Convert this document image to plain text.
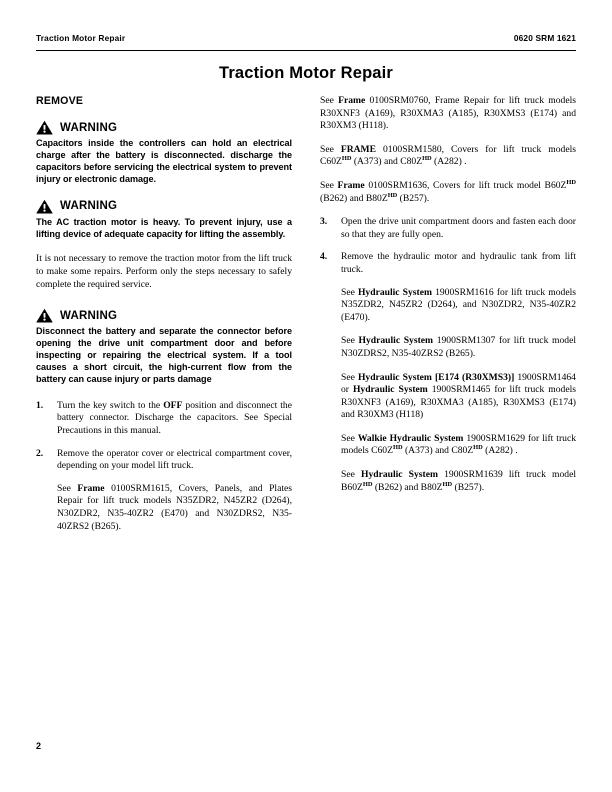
Traction Motor Repair	0620 SRM 1621
Traction Motor Repair
REMOVE
WARNING

Capacitors inside the controllers can hold an electrical charge after the battery is disconnected. discharge the capacitors before servicing the electrical system to prevent injury or electronic damage.

WARNING

The AC traction motor is heavy. To prevent injury, use a lifting device of adequate capacity for lifting the assembly.

It is not necessary to remove the traction motor from the lift truck to make some repairs. Perform only the steps necessary to safely complete the required service.

WARNING

Disconnect the battery and separate the connector before opening the drive unit compartment door and before inspecting or repairing the electrical system. If a tool causes a short circuit, the high-current flow from the battery can cause injury or parts damage

1.	Turn the key switch to the OFF position and disconnect the battery connector. Discharge the capacitors. See Special Precautions in this manual.

2.	Remove the operator cover or electrical compartment cover, depending on your model lift truck.

See Frame 0100SRM1615, Covers, Panels, and Plates Repair for lift truck models N35ZDR2, N45ZR2 (D264), N30ZDR2, N35-40ZR2 (E470) and N30ZDRS2, N35-40ZRS2 (B265).

See Frame 0100SRM0760, Frame Repair for lift truck models R30XNF3 (A169), R30XMA3 (A185), R30XMS3 (E174) and R30XM3 (H118).

See FRAME 0100SRM1580, Covers for lift truck models $C60Z^{HD}$ (A373) and $C80Z^{HD}$ (A282) .

See Frame 0100SRM1636, Covers for lift truck model $B60Z^{HD}$ (B262) and $B80Z^{HD}$ (B257).

3.	Open the drive unit compartment doors and fasten each door so that they are fully open.

4.	Remove the hydraulic motor and hydraulic tank from lift truck.

See Hydraulic System 1900SRM1616 for lift truck models N35ZDR2, N45ZR2 (D264), and N30ZDR2, N35-40ZR2 (E470).

See Hydraulic System 1900SRM1307 for lift truck model N30ZDRS2, N35-40ZRS2 (B265).

See Hydraulic System [E174 (R30XMS3)] 1900SRM1464 or Hydraulic System 1900SRM1465 for lift truck models R30XNF3 (A169), R30XMA3 (A185), R30XMS3 (E174) and R30XM3 (H118)

See Walkie Hydraulic System 1900SRM1629 for lift truck models $C60Z^{HD}$ (A373) and $C80Z^{HD}$ (A282) .

See Hydraulic System 1900SRM1639 lift truck model $B60Z^{HD}$ (B262) and $B80Z^{HD}$ (B257).

2
